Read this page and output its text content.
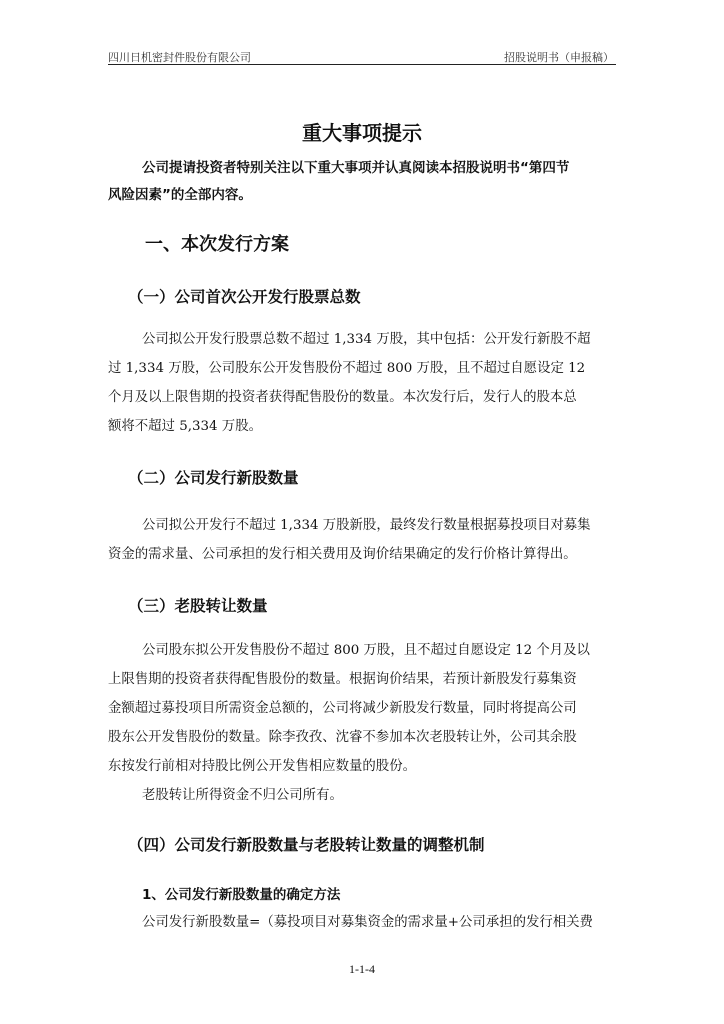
四川日机密封件股份有限公司	招股说明书（申报稿）
重大事项提示
公司提请投资者特别关注以下重大事项并认真阅读本招股说明书“第四节
风险因素”的全部内容。
一、本次发行方案
（一）公司首次公开发行股票总数
公司拟公开发行股票总数不超过 1,334 万股，其中包括：公开发行新股不超
过 1,334 万股，公司股东公开发售股份不超过 800 万股，且不超过自愿设定 12
个月及以上限售期的投资者获得配售股份的数量。本次发行后，发行人的股本总
额将不超过 5,334 万股。
（二）公司发行新股数量
公司拟公开发行不超过 1,334 万股新股，最终发行数量根据募投项目对募集
资金的需求量、公司承担的发行相关费用及询价结果确定的发行价格计算得出。
（三）老股转让数量
公司股东拟公开发售股份不超过 800 万股，且不超过自愿设定 12 个月及以
上限售期的投资者获得配售股份的数量。根据询价结果，若预计新股发行募集资
金额超过募投项目所需资金总额的，公司将减少新股发行数量，同时将提高公司
股东公开发售股份的数量。除李孜孜、沈睿不参加本次老股转让外，公司其余股
东按发行前相对持股比例公开发售相应数量的股份。
老股转让所得资金不归公司所有。
（四）公司发行新股数量与老股转让数量的调整机制
1、公司发行新股数量的确定方法
公司发行新股数量=（募投项目对募集资金的需求量+公司承担的发行相关费
1-1-4
